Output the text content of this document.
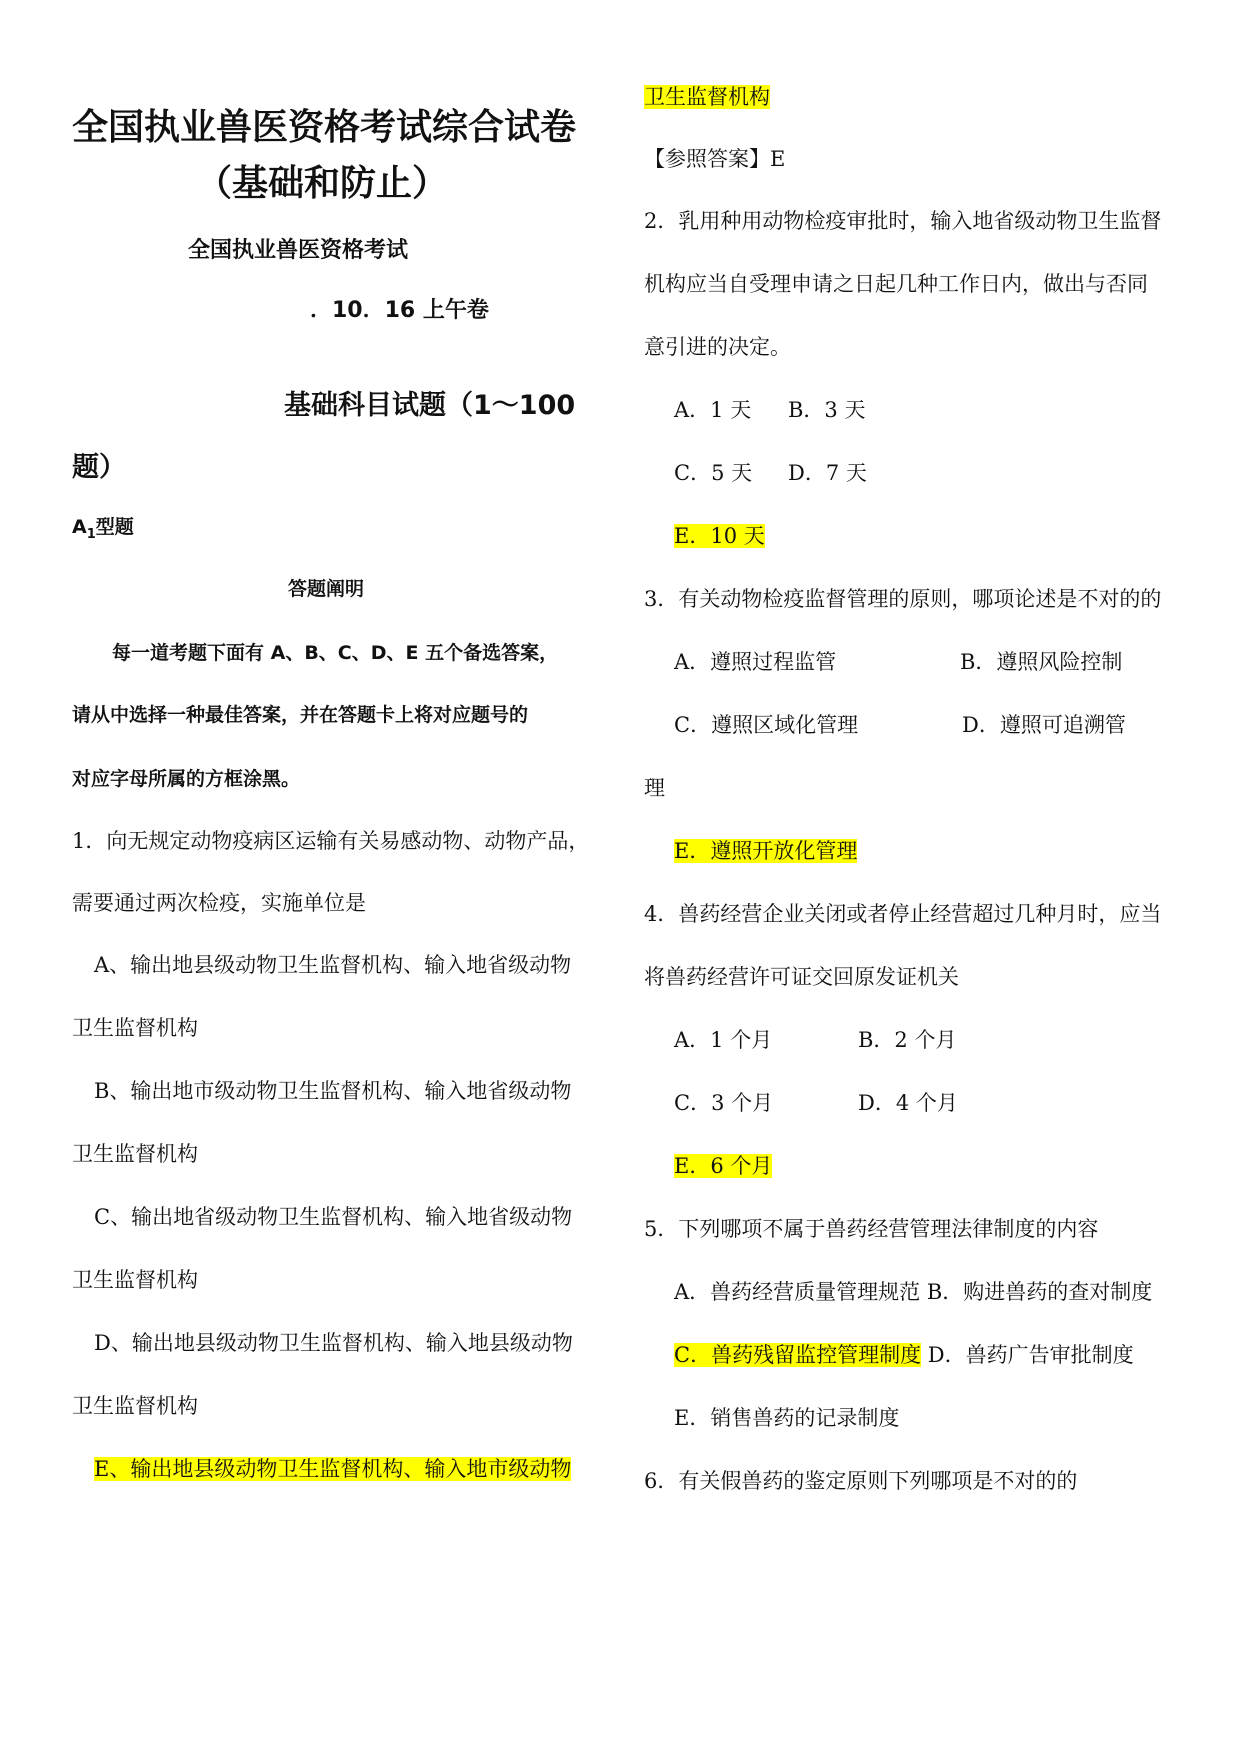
全国执业兽医资格考试综合试卷
（基础和防止）
全国执业兽医资格考试
．10．16 上午卷
基础科目试题（1～100
题）
$A_1$型题
答题阐明
每一道考题下面有 A、B、C、D、E 五个备选答案，
请从中选择一种最佳答案，并在答题卡上将对应题号的
对应字母所属的方框涂黑。
1．向无规定动物疫病区运输有关易感动物、动物产品，
需要通过两次检疫，实施单位是
A、输出地县级动物卫生监督机构、输入地省级动物
卫生监督机构
B、输出地市级动物卫生监督机构、输入地省级动物
卫生监督机构
C、输出地省级动物卫生监督机构、输入地省级动物
卫生监督机构
D、输出地县级动物卫生监督机构、输入地县级动物
卫生监督机构
E、输出地县级动物卫生监督机构、输入地市级动物
卫生监督机构
【参照答案】E
2．乳用种用动物检疫审批时，输入地省级动物卫生监督
机构应当自受理申请之日起几种工作日内，做出与否同
意引进的决定。
A．1 天 B．3 天
C．5 天 D．7 天
E．10 天
3．有关动物检疫监督管理的原则，哪项论述是不对的的
A．遵照过程监管	B．遵照风险控制
C．遵照区域化管理	D．遵照可追溯管
理
E．遵照开放化管理
4．兽药经营企业关闭或者停止经营超过几种月时，应当
将兽药经营许可证交回原发证机关
A．1 个月	B．2 个月
C．3 个月	D．4 个月
E．6 个月
5．下列哪项不属于兽药经营管理法律制度的内容
A．兽药经营质量管理规范 B．购进兽药的查对制度
C．兽药残留监控管理制度 D．兽药广告审批制度
E．销售兽药的记录制度
6．有关假兽药的鉴定原则下列哪项是不对的的
